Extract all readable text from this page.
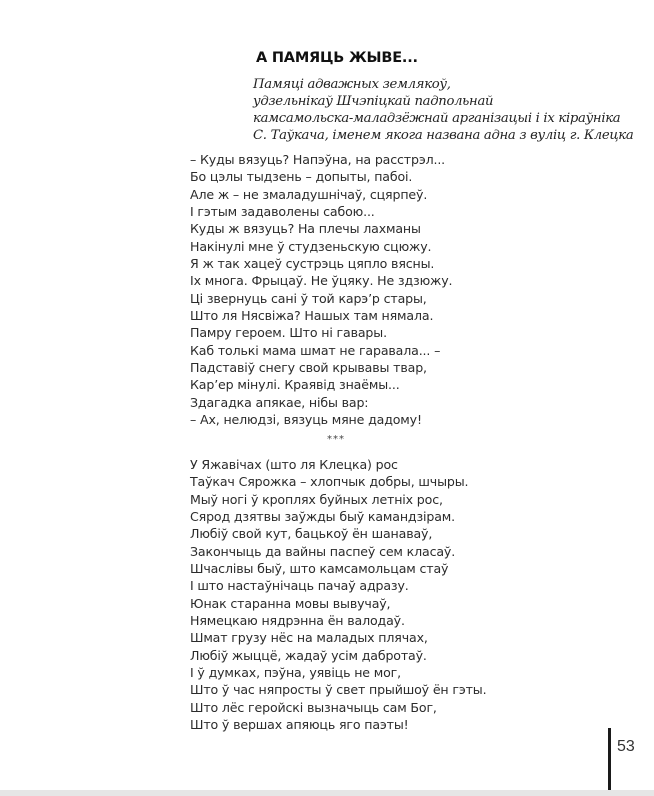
А ПАМЯЦЬ ЖЫВЕ...
Памяці адважных землякоў,
удзельнікаў Шчэпіцкай падпольнай
камсамольска-маладзёжнай арганізацыі і іх кіраўніка
С. Таўкача, іменем якога названа адна з вуліц г. Клецка
– Куды вязуць? Напэўна, на расстрэл...
Бо цэлы тыдзень – допыты, пабоі.
Але ж – не змаладушнічаў, сцярпеў.
І гэтым задаволены сабою...
Куды ж вязуць? На плечы лахманы
Накінулі мне ў студзеньскую сцюжу.
Я ж так хацеў сустрэць цяпло вясны.
Іх многа. Фрыцаў. Не ўцяку. Не здзюжу.
Ці звернуць сані ў той карэ’р стары,
Што ля Нясвіжа? Нашых там нямала.
Памру героем. Што ні гавары.
Каб толькі мама шмат не гаравала... –
Падставіў снегу свой крывавы твар,
Кар’ер мінулі. Краявід знаёмы...
Здагадка апякае, нібы вар:
– Ах, нелюдзі, вязуць мяне дадому!
***
У Яжавічах (што ля Клецка) рос
Таўкач Сярожка – хлопчык добры, шчыры.
Мыў ногі ў кроплях буйных летніх рос,
Сярод дзятвы заўжды быў камандзірам.
Любіў свой кут, бацькоў ён шанаваў,
Закончыць да вайны паспеў сем класаў.
Шчаслівы быў, што камсамольцам стаў
І што настаўнічаць пачаў адразу.
Юнак старанна мовы вывучаў,
Нямецкаю нядрэнна ён валодаў.
Шмат грузу нёс на маладых плячах,
Любіў жыццё, жадаў усім дабротаў.
І ў думках, пэўна, уявіць не мог,
Што ў час няпросты ў свет прыйшоў ён гэты.
Што лёс геройскі вызначыць сам Бог,
Што ў вершах апяюць яго паэты!
53
